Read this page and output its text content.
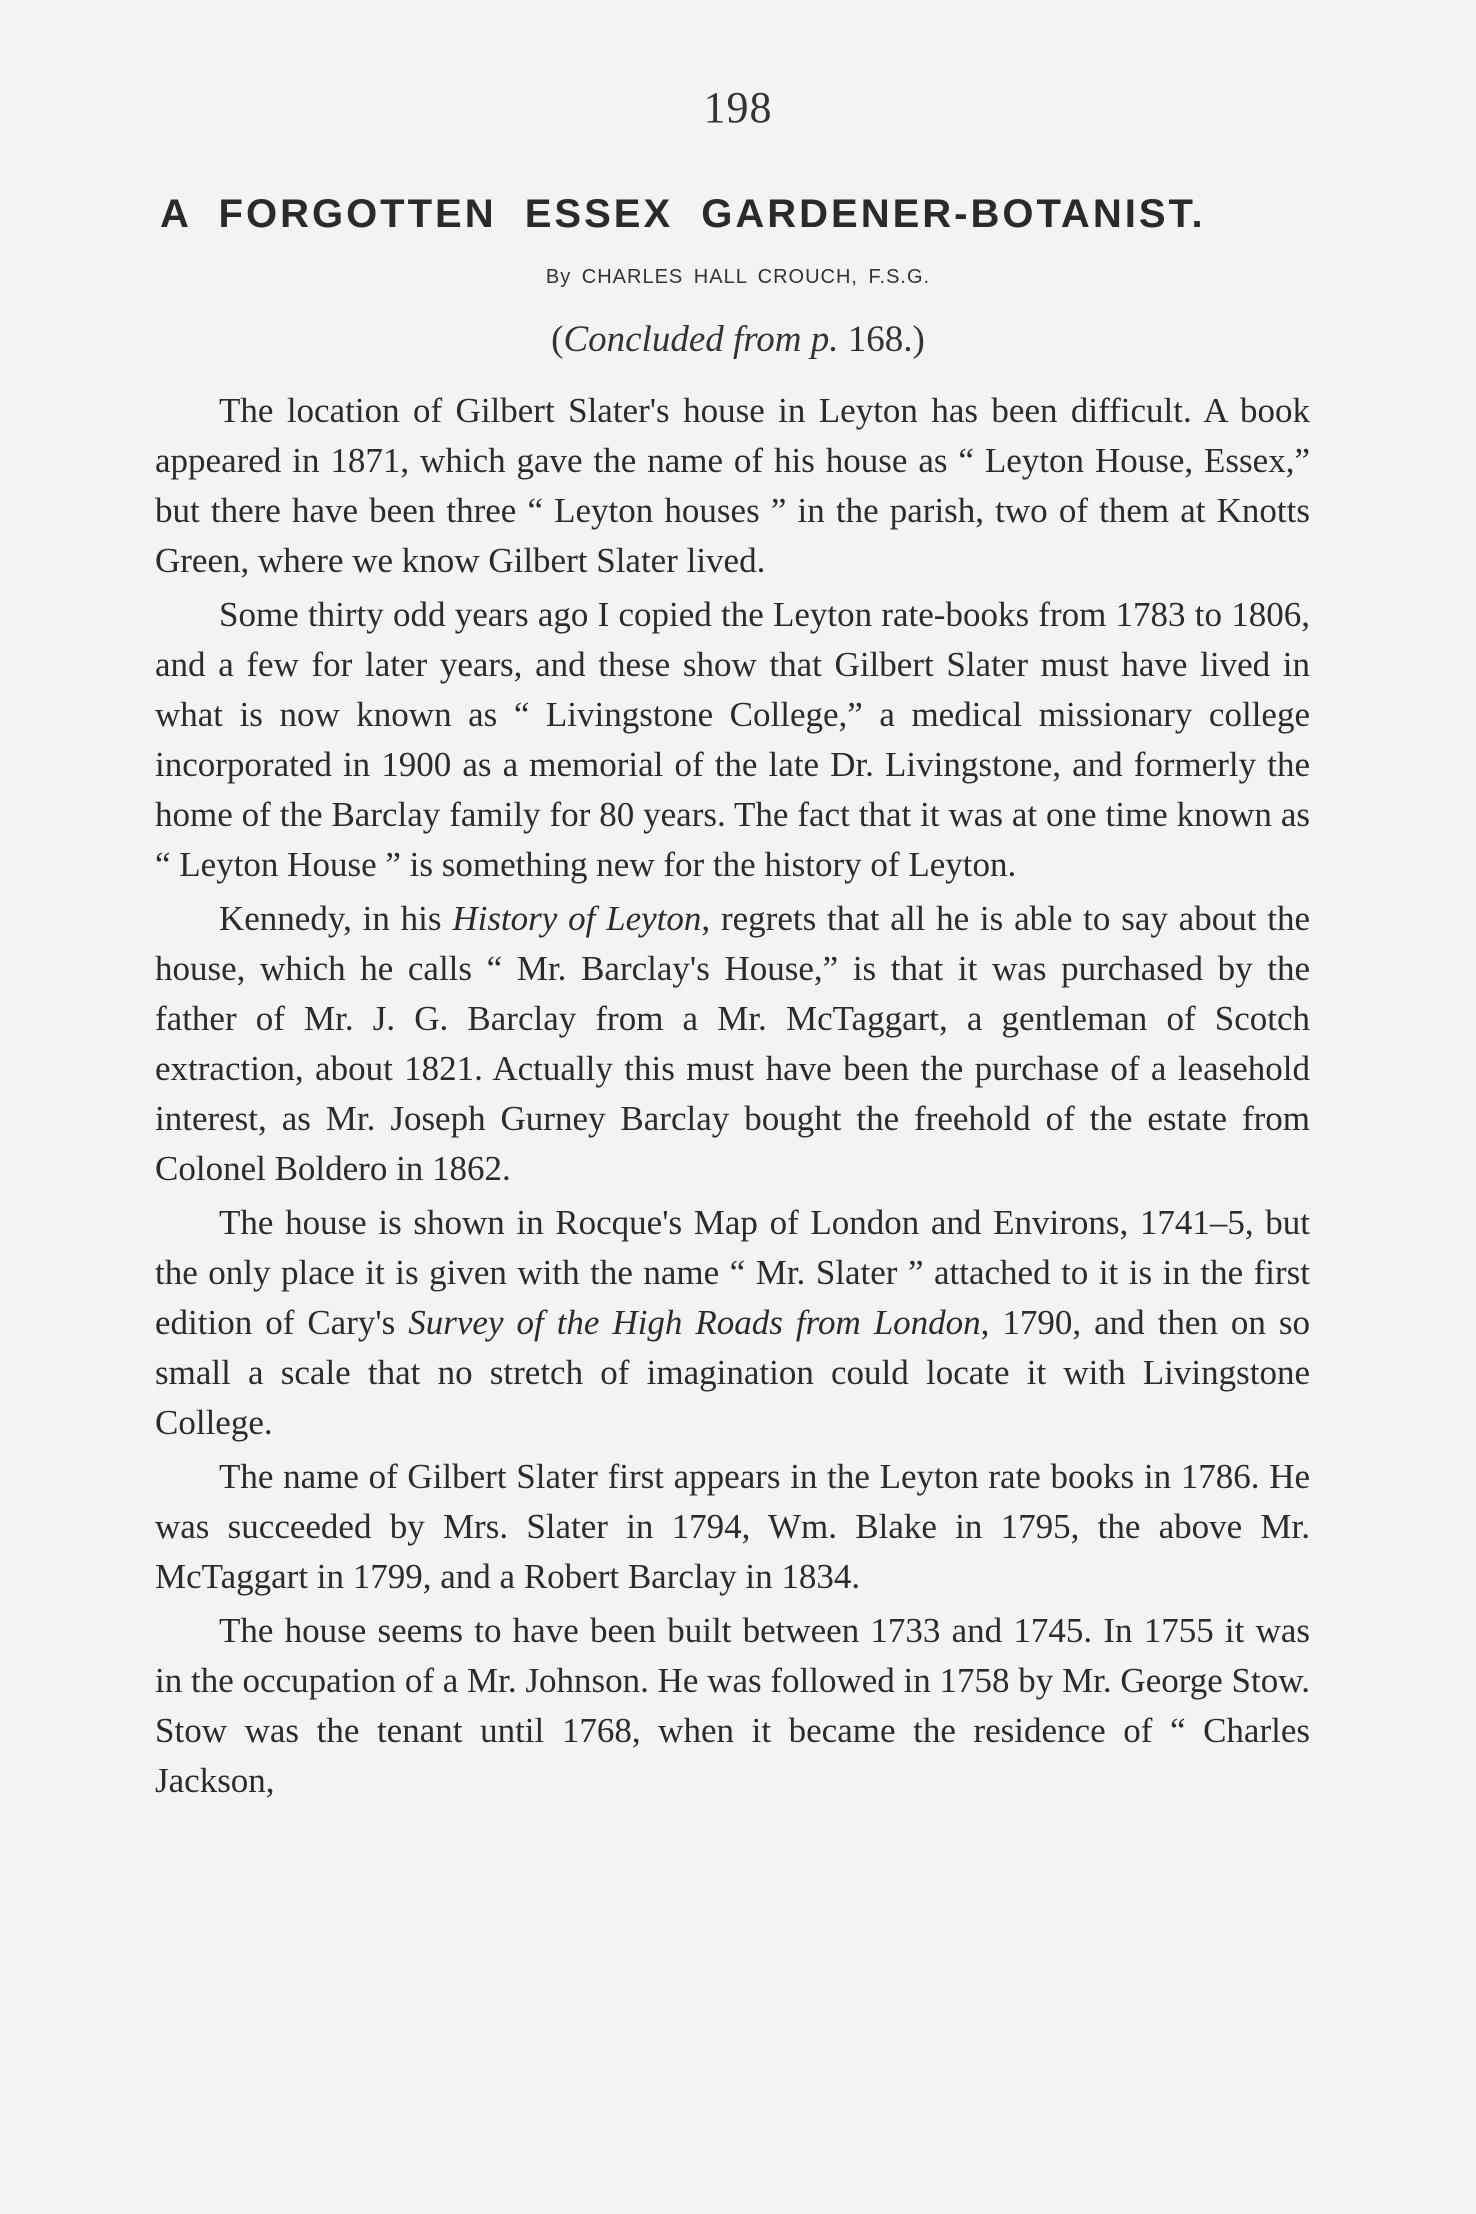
198
A FORGOTTEN ESSEX GARDENER-BOTANIST.
By CHARLES HALL CROUCH, F.S.G.
(Concluded from p. 168.)

The location of Gilbert Slater's house in Leyton has been difficult. A book appeared in 1871, which gave the name of his house as “ Leyton House, Essex,” but there have been three “ Leyton houses ” in the parish, two of them at Knotts Green, where we know Gilbert Slater lived.

Some thirty odd years ago I copied the Leyton rate-books from 1783 to 1806, and a few for later years, and these show that Gilbert Slater must have lived in what is now known as “ Livingstone College,” a medical missionary college incorporated in 1900 as a memorial of the late Dr. Livingstone, and formerly the home of the Barclay family for 80 years. The fact that it was at one time known as “ Leyton House ” is something new for the history of Leyton.

Kennedy, in his History of Leyton, regrets that all he is able to say about the house, which he calls “ Mr. Barclay's House,” is that it was purchased by the father of Mr. J. G. Barclay from a Mr. McTaggart, a gentleman of Scotch extraction, about 1821. Actually this must have been the purchase of a leasehold interest, as Mr. Joseph Gurney Barclay bought the freehold of the estate from Colonel Boldero in 1862.

The house is shown in Rocque's Map of London and Environs, 1741–5, but the only place it is given with the name “ Mr. Slater ” attached to it is in the first edition of Cary's Survey of the High Roads from London, 1790, and then on so small a scale that no stretch of imagination could locate it with Livingstone College.

The name of Gilbert Slater first appears in the Leyton rate books in 1786. He was succeeded by Mrs. Slater in 1794, Wm. Blake in 1795, the above Mr. McTaggart in 1799, and a Robert Barclay in 1834.

The house seems to have been built between 1733 and 1745. In 1755 it was in the occupation of a Mr. Johnson. He was followed in 1758 by Mr. George Stow. Stow was the tenant until 1768, when it became the residence of “ Charles Jackson,
